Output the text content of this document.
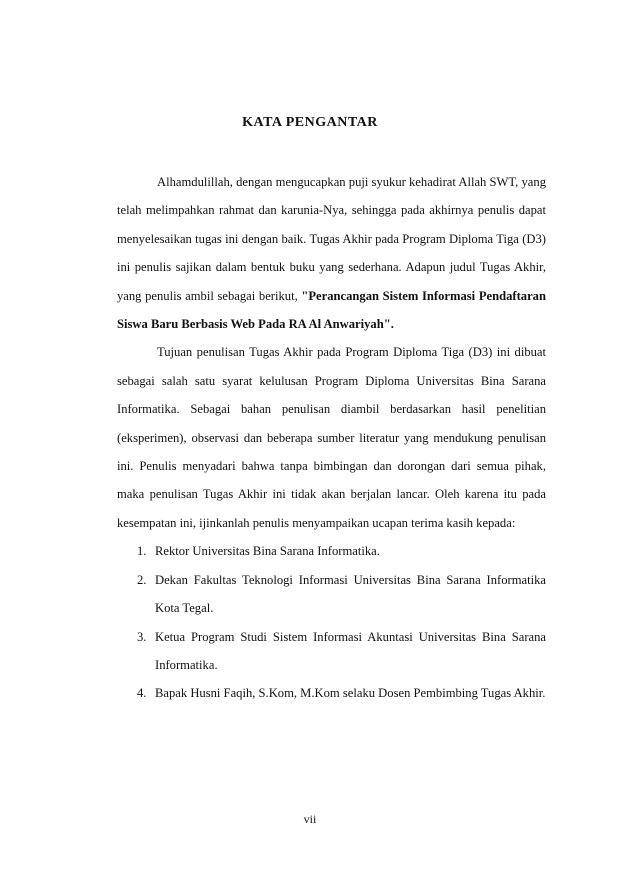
KATA PENGANTAR

Alhamdulillah, dengan mengucapkan puji syukur kehadirat Allah SWT, yang telah melimpahkan rahmat dan karunia-Nya, sehingga pada akhirnya penulis dapat menyelesaikan tugas ini dengan baik. Tugas Akhir pada Program Diploma Tiga (D3) ini penulis sajikan dalam bentuk buku yang sederhana. Adapun judul Tugas Akhir, yang penulis ambil sebagai berikut, "Perancangan Sistem Informasi Pendaftaran Siswa Baru Berbasis Web Pada RA Al Anwariyah".

Tujuan penulisan Tugas Akhir pada Program Diploma Tiga (D3) ini dibuat sebagai salah satu syarat kelulusan Program Diploma Universitas Bina Sarana Informatika. Sebagai bahan penulisan diambil berdasarkan hasil penelitian (eksperimen), observasi dan beberapa sumber literatur yang mendukung penulisan ini. Penulis menyadari bahwa tanpa bimbingan dan dorongan dari semua pihak, maka penulisan Tugas Akhir ini tidak akan berjalan lancar. Oleh karena itu pada kesempatan ini, ijinkanlah penulis menyampaikan ucapan terima kasih kepada:

1. Rektor Universitas Bina Sarana Informatika.
2. Dekan Fakultas Teknologi Informasi Universitas Bina Sarana Informatika Kota Tegal.
3. Ketua Program Studi Sistem Informasi Akuntasi Universitas Bina Sarana Informatika.
4. Bapak Husni Faqih, S.Kom, M.Kom selaku Dosen Pembimbing Tugas Akhir.
vii
